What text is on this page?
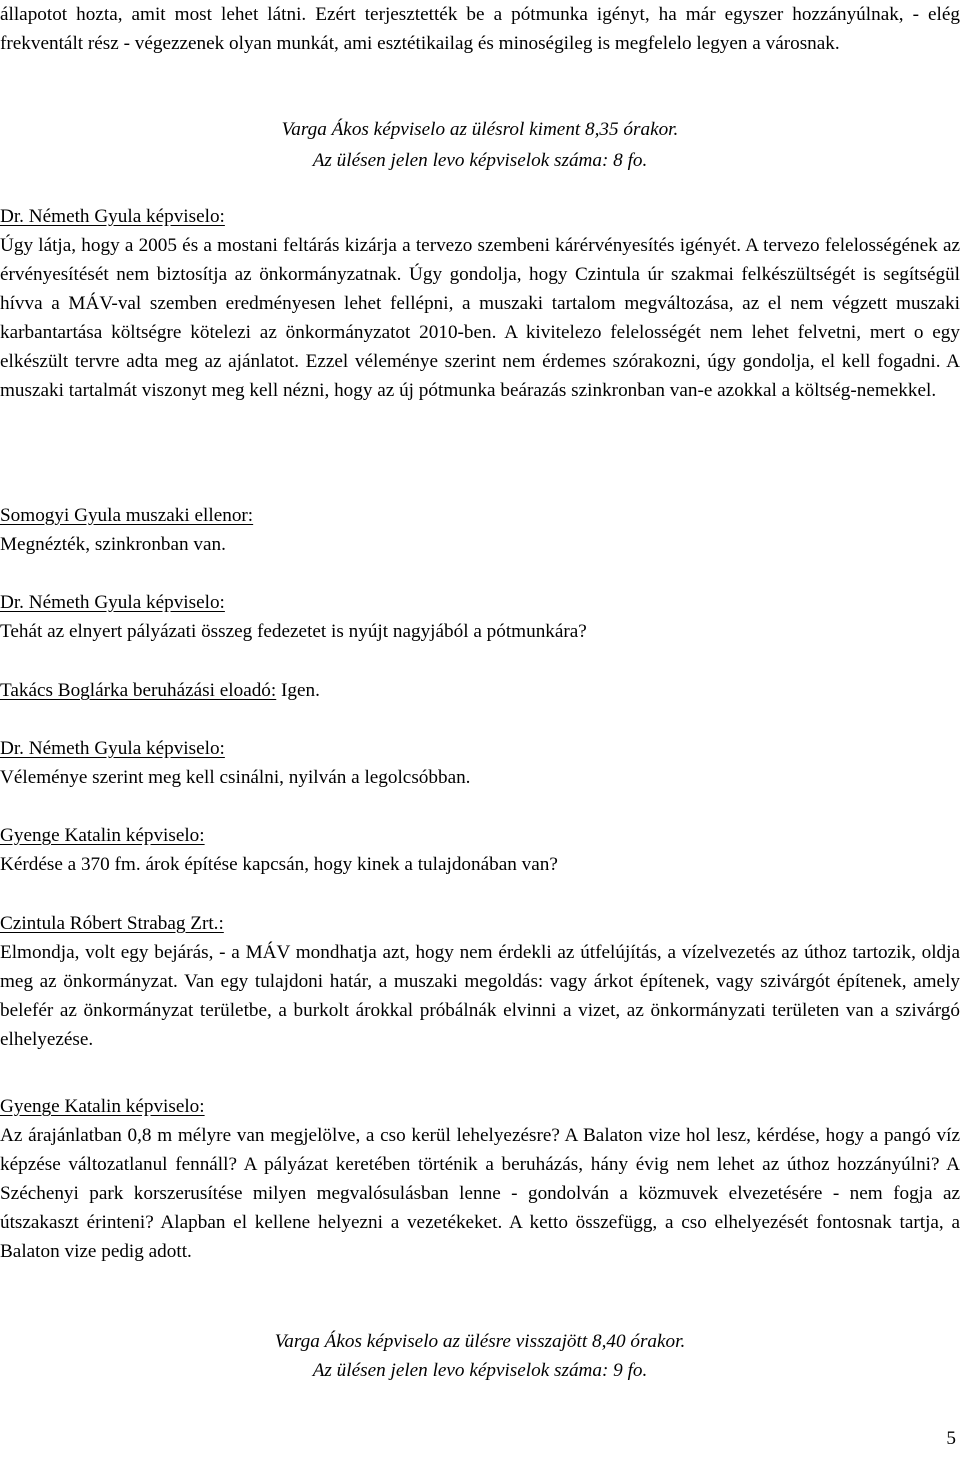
állapotot hozta, amit most lehet látni. Ezért terjesztették be a pótmunka igényt, ha már egyszer hozzányúlnak, - elég frekventált rész - végezzenek olyan munkát, ami esztétikailag és minoségileg is megfelelo legyen a városnak.

Varga Ákos képviselo az ülésrol kiment 8,35 órakor.

Az ülésen jelen levo képviselok száma: 8 fo.

Dr. Németh Gyula képviselo:

Úgy látja, hogy a 2005 és a mostani feltárás kizárja a tervezo szembeni kárérvényesítés igényét. A tervezo felelosségének az érvényesítését nem biztosítja az önkormányzatnak. Úgy gondolja, hogy Czintula úr szakmai felkészültségét is segítségül hívva a MÁV-val szemben eredményesen lehet fellépni, a muszaki tartalom megváltozása, az el nem végzett muszaki karbantartása költségre kötelezi az önkormányzatot 2010-ben. A kivitelezo felelosségét nem lehet felvetni, mert o egy elkészült tervre adta meg az ajánlatot. Ezzel véleménye szerint nem érdemes szórakozni, úgy gondolja, el kell fogadni. A muszaki tartalmát viszonyt meg kell nézni, hogy az új pótmunka beárazás szinkronban van-e azokkal a költség-nemekkel.

Somogyi Gyula muszaki ellenor:

Megnézték, szinkronban van.

Dr. Németh Gyula képviselo:

Tehát az elnyert pályázati összeg fedezetet is nyújt nagyjából a pótmunkára?

Takács Boglárka beruházási eloadó: Igen.

Dr. Németh Gyula képviselo:

Véleménye szerint meg kell csinálni, nyilván a legolcsóbban.

Gyenge Katalin képviselo:

Kérdése a 370 fm. árok építése kapcsán, hogy kinek a tulajdonában van?

Czintula Róbert Strabag Zrt.:

Elmondja, volt egy bejárás, - a MÁV mondhatja azt, hogy nem érdekli az útfelújítás, a vízelvezetés az úthoz tartozik, oldja meg az önkormányzat. Van egy tulajdoni határ, a muszaki megoldás: vagy árkot építenek, vagy szivárgót építenek, amely belefér az önkormányzat területbe, a burkolt árokkal próbálnák elvinni a vizet, az önkormányzati területen van a szivárgó elhelyezése.

Gyenge Katalin képviselo:

Az árajánlatban 0,8 m mélyre van megjelölve, a cso kerül lehelyezésre? A Balaton vize hol lesz, kérdése, hogy a pangó víz képzése változatlanul fennáll? A pályázat keretében történik a beruházás, hány évig nem lehet az úthoz hozzányúlni? A Széchenyi park korszerusítése milyen megvalósulásban lenne - gondolván a közmuvek elvezetésére - nem fogja az útszakaszt érinteni? Alapban el kellene helyezni a vezetékeket. A ketto összefügg, a cso elhelyezését fontosnak tartja, a Balaton vize pedig adott.

Varga Ákos képviselo az ülésre visszajött 8,40 órakor.

Az ülésen jelen levo képviselok száma: 9 fo.

5
